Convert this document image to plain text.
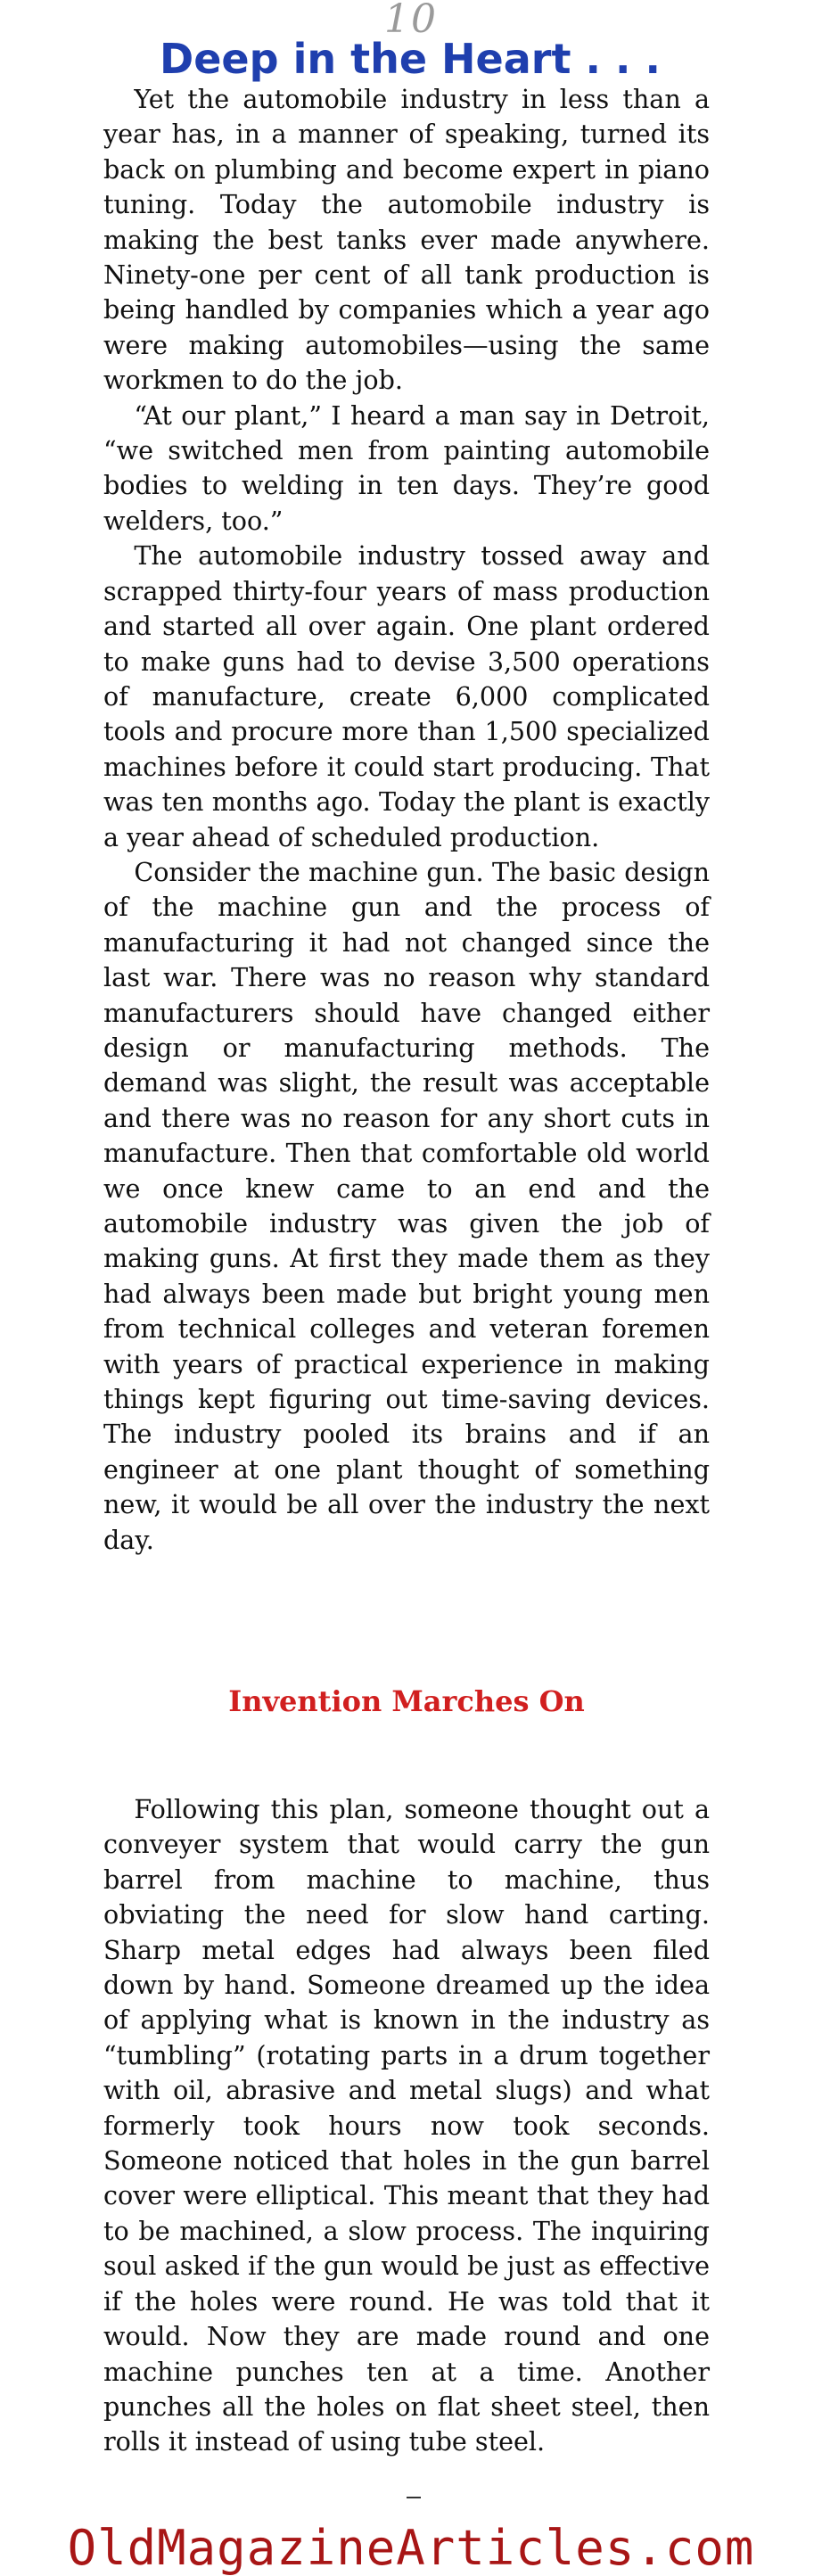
10
Deep in the Heart . . .

Yet the automobile industry in less than a year has, in a manner of speaking, turned its back on plumbing and become expert in piano tuning. Today the automobile industry is making the best tanks ever made anywhere. Ninety-one per cent of all tank production is being handled by companies which a year ago were making automobiles—using the same workmen to do the job.

“At our plant,” I heard a man say in Detroit, “we switched men from painting automobile bodies to welding in ten days. They’re good welders, too.”

The automobile industry tossed away and scrapped thirty-four years of mass production and started all over again. One plant ordered to make guns had to devise 3,500 operations of manufacture, create 6,000 complicated tools and procure more than 1,500 specialized machines before it could start producing. That was ten months ago. Today the plant is exactly a year ahead of scheduled production.

Consider the machine gun. The basic design of the machine gun and the process of manufacturing it had not changed since the last war. There was no reason why standard manufacturers should have changed either design or manufacturing methods. The demand was slight, the result was acceptable and there was no reason for any short cuts in manufacture. Then that comfortable old world we once knew came to an end and the automobile industry was given the job of making guns. At first they made them as they had always been made but bright young men from technical colleges and veteran foremen with years of practical experience in making things kept figuring out time-saving devices. The industry pooled its brains and if an engineer at one plant thought of something new, it would be all over the industry the next day.

Invention Marches On

Following this plan, someone thought out a conveyer system that would carry the gun barrel from machine to machine, thus obviating the need for slow hand carting. Sharp metal edges had always been filed down by hand. Someone dreamed up the idea of applying what is known in the industry as “tumbling” (rotating parts in a drum together with oil, abrasive and metal slugs) and what formerly took hours now took seconds. Someone noticed that holes in the gun barrel cover were elliptical. This meant that they had to be machined, a slow process. The inquiring soul asked if the gun would be just as effective if the holes were round. He was told that it would. Now they are made round and one machine punches ten at a time. Another punches all the holes on flat sheet steel, then rolls it instead of using tube steel.

OldMagazineArticles.com
